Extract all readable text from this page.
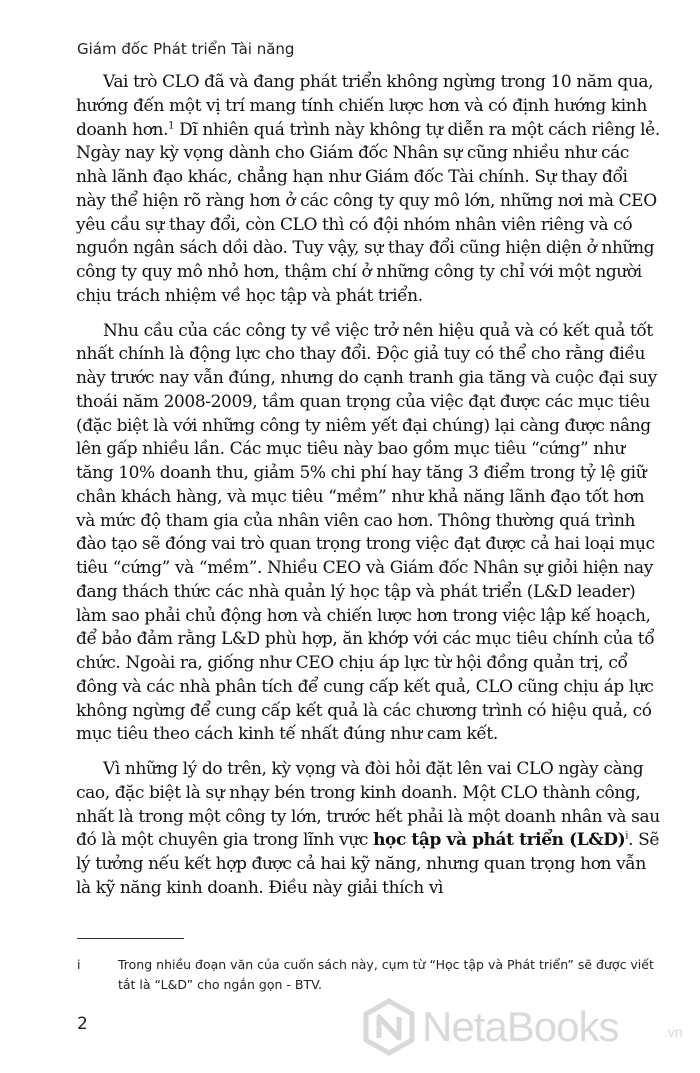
Giám đốc Phát triển Tài năng

Vai trò CLO đã và đang phát triển không ngừng trong 10 năm qua, hướng đến một vị trí mang tính chiến lược hơn và có định hướng kinh doanh hơn.$^1$ Dĩ nhiên quá trình này không tự diễn ra một cách riêng lẻ. Ngày nay kỳ vọng dành cho Giám đốc Nhân sự cũng nhiều như các nhà lãnh đạo khác, chẳng hạn như Giám đốc Tài chính. Sự thay đổi này thể hiện rõ ràng hơn ở các công ty quy mô lớn, những nơi mà CEO yêu cầu sự thay đổi, còn CLO thì có đội nhóm nhân viên riêng và có nguồn ngân sách dồi dào. Tuy vậy, sự thay đổi cũng hiện diện ở những công ty quy mô nhỏ hơn, thậm chí ở những công ty chỉ với một người chịu trách nhiệm về học tập và phát triển.

Nhu cầu của các công ty về việc trở nên hiệu quả và có kết quả tốt nhất chính là động lực cho thay đổi. Độc giả tuy có thể cho rằng điều này trước nay vẫn đúng, nhưng do cạnh tranh gia tăng và cuộc đại suy thoái năm 2008-2009, tầm quan trọng của việc đạt được các mục tiêu (đặc biệt là với những công ty niêm yết đại chúng) lại càng được nâng lên gấp nhiều lần. Các mục tiêu này bao gồm mục tiêu “cứng” như tăng 10% doanh thu, giảm 5% chi phí hay tăng 3 điểm trong tỷ lệ giữ chân khách hàng, và mục tiêu “mềm” như khả năng lãnh đạo tốt hơn và mức độ tham gia của nhân viên cao hơn. Thông thường quá trình đào tạo sẽ đóng vai trò quan trọng trong việc đạt được cả hai loại mục tiêu “cứng” và “mềm”. Nhiều CEO và Giám đốc Nhân sự giỏi hiện nay đang thách thức các nhà quản lý học tập và phát triển (L&D leader) làm sao phải chủ động hơn và chiến lược hơn trong việc lập kế hoạch, để bảo đảm rằng L&D phù hợp, ăn khớp với các mục tiêu chính của tổ chức. Ngoài ra, giống như CEO chịu áp lực từ hội đồng quản trị, cổ đông và các nhà phân tích để cung cấp kết quả, CLO cũng chịu áp lực không ngừng để cung cấp kết quả là các chương trình có hiệu quả, có mục tiêu theo cách kinh tế nhất đúng như cam kết.

Vì những lý do trên, kỳ vọng và đòi hỏi đặt lên vai CLO ngày càng cao, đặc biệt là sự nhạy bén trong kinh doanh. Một CLO thành công, nhất là trong một công ty lớn, trước hết phải là một doanh nhân và sau đó là một chuyên gia trong lĩnh vực học tập và phát triển (L&D)$^i$. Sẽ lý tưởng nếu kết hợp được cả hai kỹ năng, nhưng quan trọng hơn vẫn là kỹ năng kinh doanh. Điều này giải thích vì

i	Trong nhiều đoạn văn của cuốn sách này, cụm từ “Học tập và Phát triển” sẽ được viết tắt là “L&D” cho ngắn gọn - BTV.
2	NetaBooks	.vn
